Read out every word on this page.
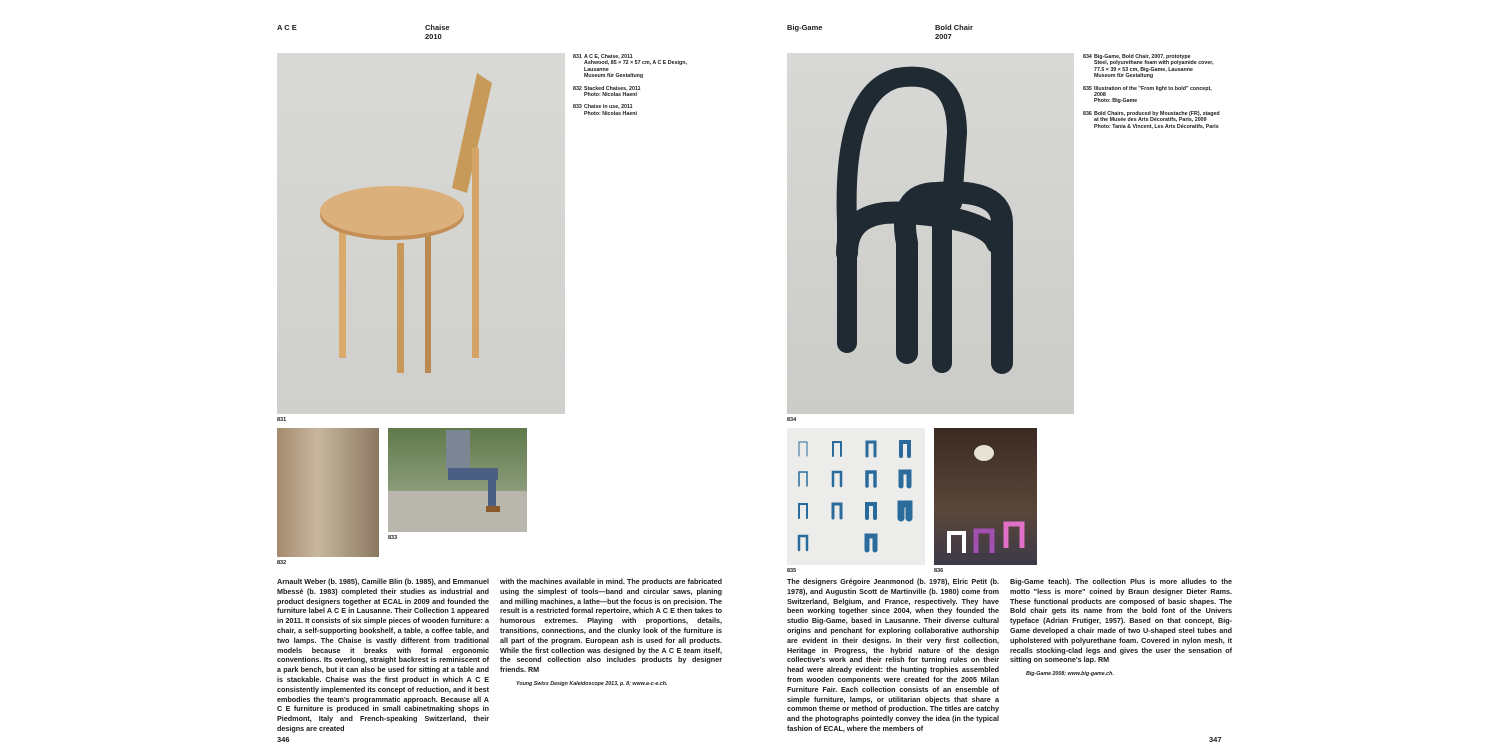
A C E	Chaise
2010
831
832
833
831 A C E, Chaise, 2011
Ashwood, 85 × 72 × 57 cm, A C E Design,
Lausanne
Museum für Gestaltung
832 Stacked Chaises, 2011
Photo: Nicolas Haeni
833 Chaise in use, 2011
Photo: Nicolas Haeni
Arnault Weber (b. 1985), Camille Blin (b. 1985), and Emmanuel Mbessé (b. 1983) completed their studies as industrial and product designers together at ECAL in 2009 and founded the furniture label A C E in Lausanne. Their Collection 1 appeared in 2011. It consists of six simple pieces of wooden furniture: a chair, a self-supporting bookshelf, a table, a coffee table, and two lamps. The Chaise is vastly different from traditional models because it breaks with formal ergonomic conventions. Its overlong, straight backrest is reminiscent of a park bench, but it can also be used for sitting at a table and is stackable. Chaise was the first product in which A C E consistently implemented its concept of reduction, and it best embodies the team's programmatic approach. Because all A C E furniture is produced in small cabinetmaking shops in Piedmont, Italy and French-speaking Switzerland, their designs are created
with the machines available in mind. The products are fabricated using the simplest of tools—band and circular saws, planing and milling machines, a lathe—but the focus is on precision. The result is a restricted formal repertoire, which A C E then takes to humorous extremes. Playing with proportions, details, transitions, connections, and the clunky look of the furniture is all part of the program. European ash is used for all products. While the first collection was designed by the A C E team itself, the second collection also includes products by designer friends. RM
Young Swiss Design Kaleidoscope 2013, p. 8; www.a-c-e.ch.
346
Big-Game	Bold Chair
2007
834
835	836
834 Big-Game, Bold Chair, 2007, prototype
Steel, polyurethane foam with polyamide cover,
77.5 × 39 × 53 cm, Big-Game, Lausanne
Museum für Gestaltung
835 Illustration of the "From light to bold" concept,
2008
Photo: Big-Game
836 Bold Chairs, produced by Moustache (FR), staged
at the Musée des Arts Décoratifs, Paris, 2009
Photo: Tania & Vincent, Les Arts Décoratifs, Paris
The designers Grégoire Jeanmonod (b. 1978), Elric Petit (b. 1978), and Augustin Scott de Martinville (b. 1980) come from Switzerland, Belgium, and France, respectively. They have been working together since 2004, when they founded the studio Big-Game, based in Lausanne. Their diverse cultural origins and penchant for exploring collaborative authorship are evident in their designs. In their very first collection, Heritage in Progress, the hybrid nature of the design collective's work and their relish for turning rules on their head were already evident: the hunting trophies assembled from wooden components were created for the 2005 Milan Furniture Fair. Each collection consists of an ensemble of simple furniture, lamps, or utilitarian objects that share a common theme or method of production. The titles are catchy and the photographs pointedly convey the idea (in the typical fashion of ECAL, where the members of
Big-Game teach). The collection Plus is more alludes to the motto "less is more" coined by Braun designer Dieter Rams. These functional products are composed of basic shapes. The Bold chair gets its name from the bold font of the Univers typeface (Adrian Frutiger, 1957). Based on that concept, Big-Game developed a chair made of two U-shaped steel tubes and upholstered with polyurethane foam. Covered in nylon mesh, it recalls stocking-clad legs and gives the user the sensation of sitting on someone's lap. RM
Big-Game 2008; www.big-game.ch.
347
